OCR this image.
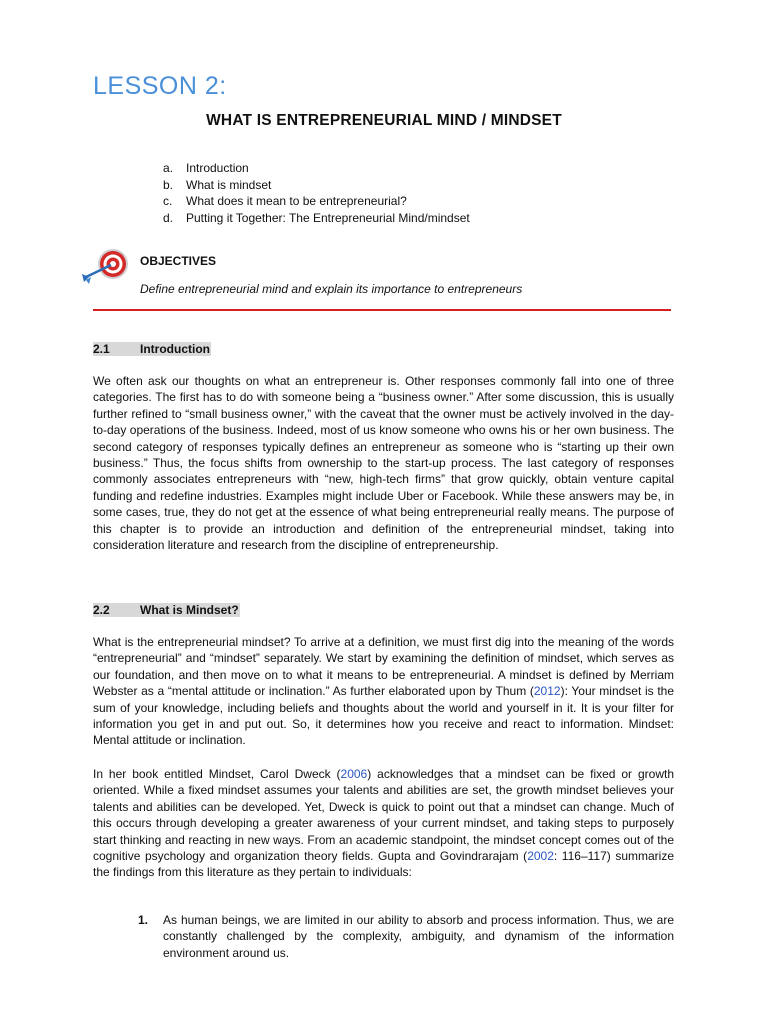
LESSON 2:
WHAT IS ENTREPRENEURIAL MIND / MINDSET
a.	Introduction
b.	What is mindset
c.	What does it mean to be entrepreneurial?
d.	Putting it Together: The Entrepreneurial Mind/mindset
OBJECTIVES
Define entrepreneurial mind and explain its importance to entrepreneurs
2.1	Introduction
We often ask our thoughts on what an entrepreneur is. Other responses commonly fall into one of three categories. The first has to do with someone being a “business owner.” After some discussion, this is usually further refined to “small business owner,” with the caveat that the owner must be actively involved in the day-to-day operations of the business. Indeed, most of us know someone who owns his or her own business. The second category of responses typically defines an entrepreneur as someone who is “starting up their own business.” Thus, the focus shifts from ownership to the start-up process. The last category of responses commonly associates entrepreneurs with “new, high-tech firms” that grow quickly, obtain venture capital funding and redefine industries. Examples might include Uber or Facebook. While these answers may be, in some cases, true, they do not get at the essence of what being entrepreneurial really means. The purpose of this chapter is to provide an introduction and definition of the entrepreneurial mindset, taking into consideration literature and research from the discipline of entrepreneurship.
2.2	What is Mindset?
What is the entrepreneurial mindset? To arrive at a definition, we must first dig into the meaning of the words “entrepreneurial” and “mindset” separately. We start by examining the definition of mindset, which serves as our foundation, and then move on to what it means to be entrepreneurial. A mindset is defined by Merriam Webster as a “mental attitude or inclination.” As further elaborated upon by Thum (2012): Your mindset is the sum of your knowledge, including beliefs and thoughts about the world and yourself in it. It is your filter for information you get in and put out. So, it determines how you receive and react to information. Mindset: Mental attitude or inclination.
In her book entitled Mindset, Carol Dweck (2006) acknowledges that a mindset can be fixed or growth oriented. While a fixed mindset assumes your talents and abilities are set, the growth mindset believes your talents and abilities can be developed. Yet, Dweck is quick to point out that a mindset can change. Much of this occurs through developing a greater awareness of your current mindset, and taking steps to purposely start thinking and reacting in new ways. From an academic standpoint, the mindset concept comes out of the cognitive psychology and organization theory fields. Gupta and Govindrarajam (2002: 116–117) summarize the findings from this literature as they pertain to individuals:
1.	As human beings, we are limited in our ability to absorb and process information. Thus, we are constantly challenged by the complexity, ambiguity, and dynamism of the information environment around us.
